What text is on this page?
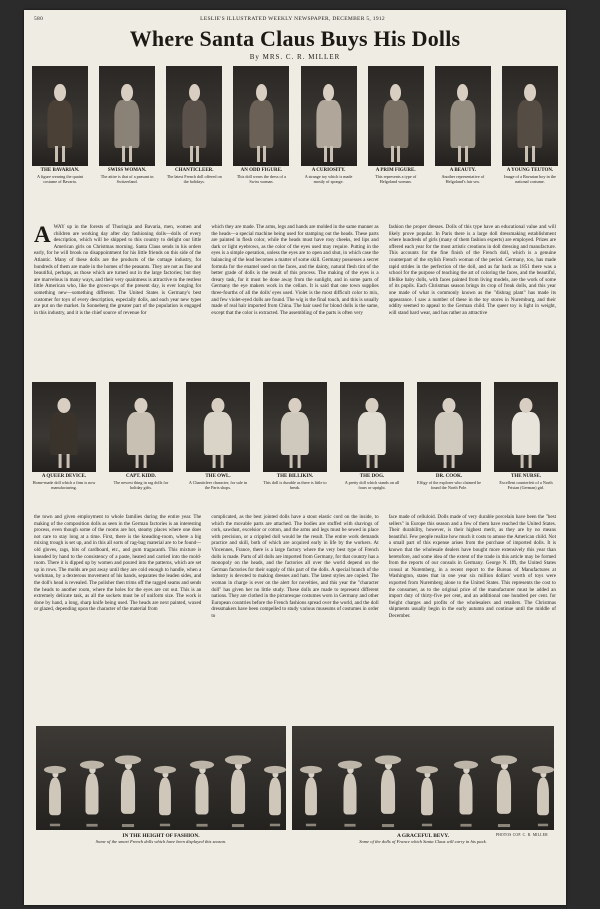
580	LESLIE'S ILLUSTRATED WEEKLY NEWSPAPER, DECEMBER 5, 1912
Where Santa Claus Buys His Dolls
By MRS. C. R. MILLER
THE BAVARIAN.
A figure wearing the quaint costume of Bavaria.
SWISS WOMAN.
The attire is that of a peasant in Switzerland.
CHANTICLEER.
The latest French doll offered on the holidays.
AN ODD FIGURE.
This doll wears the dress of a Swiss woman.
A CURIOSITY.
A strange toy which is made mostly of sponge.
A PRIM FIGURE.
This represents a type of Helgoland woman.
A BEAUTY.
Another representative of Helgoland's fair sex.
A YOUNG TEUTON.
Image of a Bavarian boy in the national costume.
A WAY up in the forests of Thuringia and Bavaria, men, women and children are working day after day fashioning dolls—dolls of every description, which will be shipped to this country to delight our little American girls on Christmas morning. Santa Claus sends in his orders early, for he will brook no disappointment for his little friends on this side of the Atlantic. Many of these dolls are the products of the cottage industry, for hundreds of them are made in the homes of the peasants. They are not as fine and beautiful, perhaps, as those which are turned out in the large factories; but they are marvelous in many ways, and their very quaintness is attractive to the restless little American who, like the grown-ups of the present day, is ever longing for something new—something different. The United States is Germany's best customer for toys of every description, especially dolls, and each year new types are put on the market. In Sonneberg the greater part of the population is engaged in this industry, and it is the chief source of revenue for
which they are made. The arms, legs and hands are molded in the same manner as the heads—a special machine being used for stamping out the heads. These parts are painted in flesh color, while the heads must have rosy cheeks, red lips and dark or light eyebrows, as the color of the eyes used may require. Putting in the eyes is a simple operation, unless the eyes are to open and shut, in which case the balancing of the lead becomes a matter of some skill. Germany possesses a secret formula for the enamel used on the faces, and the dainty, natural flesh tint of the better grade of dolls is the result of this process. The making of the eyes is a dreary task, for it must be done away from the sunlight, and in some parts of Germany the eye makers work in the cellars. It is said that one town supplies three-fourths of all the dolls' eyes used. Violet is the most difficult color to mix, and few violet-eyed dolls are found. The wig is the final touch, and this is usually made of real hair imported from China. The hair used for blond dolls is the same, except that the color is extracted. The assembling of the parts is often very
fashion the proper dresses. Dolls of this type have an educational value and will likely prove popular. In Paris there is a large doll dressmaking establishment where hundreds of girls (many of them fashion experts) are employed. Prizes are offered each year for the most artistic creations in doll dressing and manufacture. This accounts for the fine finish of the French doll, which is a genuine counterpart of the stylish French woman of the period. Germany, too, has made rapid strides in the perfection of the doll, and as far back as 1851 there was a school for the purpose of teaching the art of coloring the faces, and the beautiful, lifelike baby dolls, with faces painted from living models, are the work of some of its pupils. Each Christmas season brings its crop of freak dolls, and this year one made of what is commonly known as the "dishrag plant" has made its appearance. I saw a number of these in the toy stores in Nuremburg, and their oddity seemed to appeal to the German child. The queer toy is light in weight, will stand hard wear, and has rather an attractive
A QUEER DEVICE.
Home-made doll which a firm is now manufacturing.
CAPT. KIDD.
The newest thing in rag dolls for holiday gifts.
THE OWL.
A Chanticleer character, for sale in the Paris shops.
THE BILLIKIN.
This doll is durable as there is little to break.
THE DOG.
A pretty doll which stands on all fours or upright.
DR. COOK.
Effigy of the explorer who claimed he found the North Pole.
THE NURSE.
Excellent counterfeit of a North Frisian (German) girl.
the town and given employment to whole families during the entire year. The making of the composition dolls as seen in the German factories is an interesting process, even though some of the rooms are hot, steamy places where one does not care to stay long at a time. First, there is the kneading-room, where a big mixing trough is set up, and in this all sorts of rag-bag material are to be found—old gloves, rags, bits of cardboard, etc., and gum tragacanth. This mixture is kneaded by hand to the consistency of a paste, heated and carried into the mold-room. There it is dipped up by women and poured into the patterns, which are set up in rows. The molds are put away until they are cold enough to handle, when a workman, by a dexterous movement of his hands, separates the leaden sides, and the doll's head is revealed. The polisher then trims off the ragged seams and sends the heads to another room, where the holes for the eyes are cut out. This is an extremely delicate task, as all the sockets must be of uniform size. The work is done by hand, a long, sharp knife being used. The heads are next painted, waxed or glazed, depending upon the character of the material from
complicated, as the best jointed dolls have a stout elastic cord on the inside, to which the movable parts are attached. The bodies are stuffed with shavings of cork, sawdust, excelsior or cotton, and the arms and legs must be sewed in place with precision, or a crippled doll would be the result. The entire work demands practice and skill, both of which are acquired early in life by the workers. At Vincennes, France, there is a large factory where the very best type of French dolls is made. Parts of all dolls are imported from Germany, for that country has a monopoly on the heads, and the factories all over the world depend on the German factories for their supply of this part of the dolls. A special branch of the industry is devoted to making dresses and hats. The latest styles are copied. The woman in charge is ever on the alert for novelties, and this year the "character doll" has given her no little study. These dolls are made to represent different nations. They are clothed in the picturesque costumes worn in Germany and other European countries before the French fashions spread over the world, and the doll dressmakers have been compelled to study various museums of costumes in order to
face made of celluloid. Dolls made of very durable porcelain have been the "best sellers" in Europe this season and a few of them have reached the United States. Their durability, however, is their highest merit, as they are by no means beautiful. Few people realize how much it costs to amuse the American child. Not a small part of this expense arises from the purchase of imported dolls. It is known that the wholesale dealers have bought more extensively this year than heretofore, and some idea of the extent of the trade in this article may be formed from the reports of our consuls in Germany. George N. Ifft, the United States consul at Nuremberg, in a recent report to the Bureau of Manufactures at Washington, states that in one year six million dollars' worth of toys were exported from Nuremberg alone to the United States. This represents the cost to the consumer, as to the original price of the manufacturer must be added an import duty of thirty-five per cent, and an additional one hundred per cent. for freight charges and profits of the wholesalers and retailers. The Christmas shipments usually begin in the early autumn and continue until the middle of December.
IN THE HEIGHT OF FASHION.
Some of the smart French dolls which have been displayed this season.
A GRACEFUL BEVY.
Some of the dolls of France which Santa Claus will carry in his pack.
PHOTOS COP. C. R. MILLER
